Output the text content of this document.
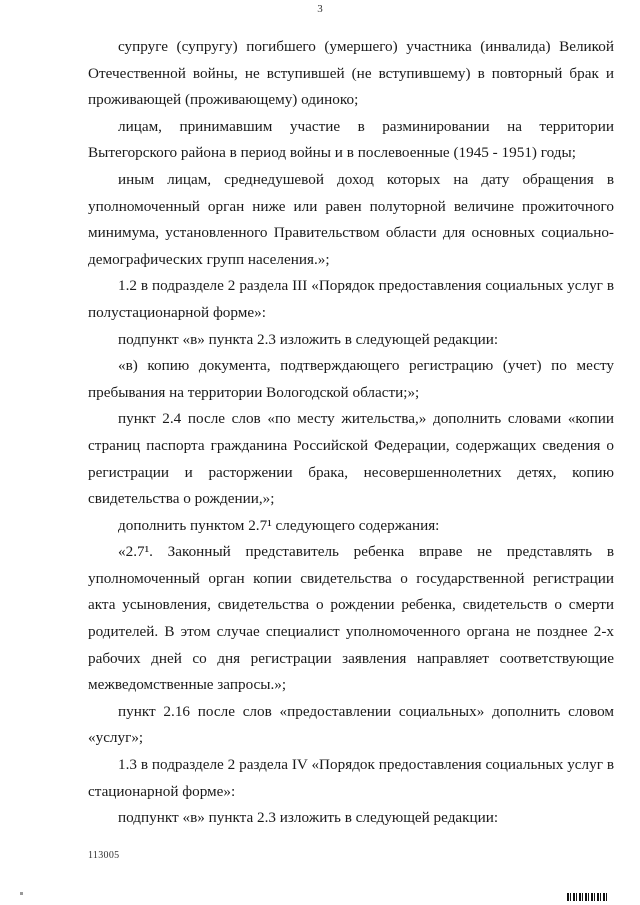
3

супруге (супругу) погибшего (умершего) участника (инвалида) Великой Отечественной войны, не вступившей (не вступившему) в повторный брак и проживающей (проживающему) одиноко;

лицам, принимавшим участие в разминировании на территории Вытегорского района в период войны и в послевоенные (1945 - 1951) годы;

иным лицам, среднедушевой доход которых на дату обращения в уполномоченный орган ниже или равен полуторной величине прожиточного минимума, установленного Правительством области для основных социально-демографических групп населения.»;

1.2 в подразделе 2 раздела III «Порядок предоставления социальных услуг в полустационарной форме»:

подпункт «в» пункта 2.3 изложить в следующей редакции:

«в) копию документа, подтверждающего регистрацию (учет) по месту пребывания на территории Вологодской области;»;

пункт 2.4 после слов «по месту жительства,» дополнить словами «копии страниц паспорта гражданина Российской Федерации, содержащих сведения о регистрации и расторжении брака, несовершеннолетних детях, копию свидетельства о рождении,»;

дополнить пунктом 2.7¹ следующего содержания:

«2.7¹. Законный представитель ребенка вправе не представлять в уполномоченный орган копии свидетельства о государственной регистрации акта усыновления, свидетельства о рождении ребенка, свидетельств о смерти родителей. В этом случае специалист уполномоченного органа не позднее 2-х рабочих дней со дня регистрации заявления направляет соответствующие межведомственные запросы.»;

пункт 2.16 после слов «предоставлении социальных» дополнить словом «услуг»;

1.3 в подразделе 2 раздела IV «Порядок предоставления социальных услуг в стационарной форме»:

подпункт «в» пункта 2.3 изложить в следующей редакции:

113005
